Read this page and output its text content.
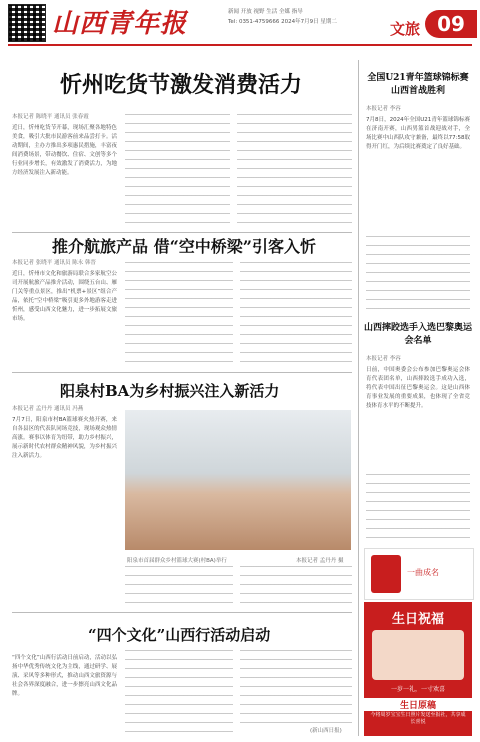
山西青年报	新闻 开放 视野 生活 全媒 指导
Tel: 0351-4759666 2024年7月9日 星期二	文旅 09
忻州吃货节激发消费活力
本报记者 陈晓平 通讯员 张春霞
近日，忻州吃货节开幕，现场汇聚各地特色美食，吸引大批市民游客前来品尝打卡。活动期间，主办方推出多项惠民措施，丰富夜间消费场景，带动餐饮、住宿、文创等多个行业同步增长，有效激发了消费活力，为地方经济发展注入新动能。
推介航旅产品 借“空中桥梁”引客入忻
本报记者 张晓平 通讯员 陈永 韩晋
近日，忻州市文化和旅游局联合多家航空公司开展航旅产品推介活动，围绕五台山、雁门关等重点景区，推出“机票+景区”组合产品，依托“空中桥梁”吸引更多外地游客走进忻州，感受山西文化魅力，进一步拓展文旅市场。
阳泉村BA为乡村振兴注入新活力
本报记者 孟丹丹 通讯员 冯燕
7月7日，阳泉市村BA篮球赛火热开赛，来自各县区的代表队同场竞技，现场观众热情高涨。赛事以体育为纽带，助力乡村振兴，展示新时代农村群众精神风貌，为乡村振兴注入新活力。
阳泉市首届群众乡村篮球大赛(村BA)举行	本报记者 孟丹丹 摄
“四个文化”山西行活动启动
“四个文化”山西行活动日前启动，活动以弘扬中华优秀传统文化为主线，通过研学、展演、采风等多种形式，推动山西文旅资源与社会各界深度融合，进一步擦亮山西文化品牌。
(新山西日报)
全国U21青年篮球锦标赛山西首战胜利
本报记者 李容
7月8日，2024年全国U21青年篮球锦标赛在济南开赛，山西男篮首战迎战对手，全场比赛中山西队攻守兼备，最终以77:58取得开门红，为后续比赛奠定了良好基础。
山西摔跤选手入选巴黎奥运会名单
本报记者 李容
日前，中国奥委会公布参加巴黎奥运会体育代表团名单，山西摔跤选手成功入选，将代表中国出征巴黎奥运会。这是山西体育事业发展的重要成果，也体现了全省竞技体育水平的不断提升。
一曲成名
生日祝福
一岁一礼，一寸欢喜
生日原稿
今将周岁宝宝生日照片发送至报社，共享成长喜悦
